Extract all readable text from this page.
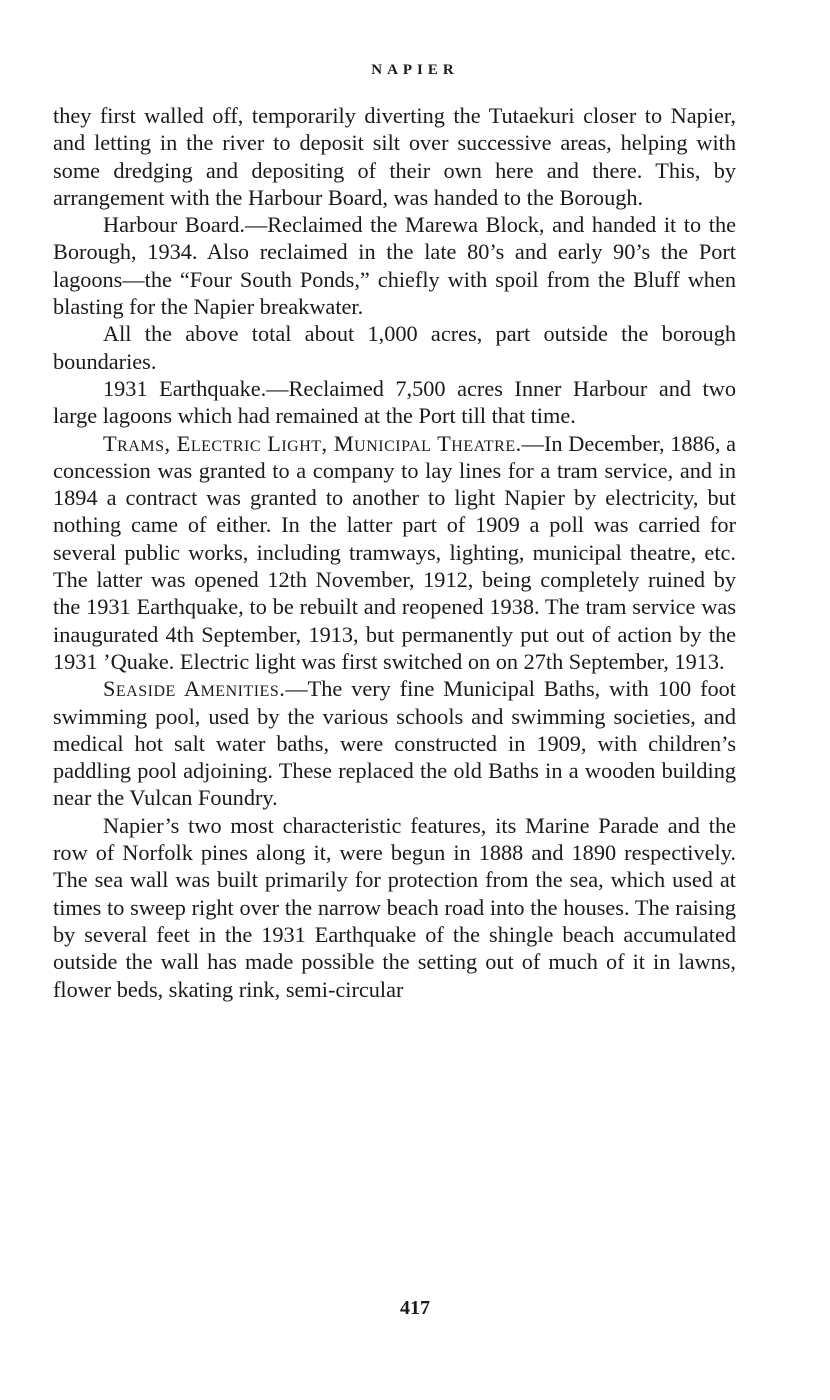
NAPIER

they first walled off, temporarily diverting the Tutaekuri closer to Napier, and letting in the river to deposit silt over successive areas, helping with some dredging and depositing of their own here and there. This, by arrangement with the Harbour Board, was handed to the Borough.

Harbour Board.—Reclaimed the Marewa Block, and handed it to the Borough, 1934. Also reclaimed in the late 80’s and early 90’s the Port lagoons—the “Four South Ponds,” chiefly with spoil from the Bluff when blasting for the Napier breakwater.

All the above total about 1,000 acres, part outside the borough boundaries.

1931 Earthquake.—Reclaimed 7,500 acres Inner Harbour and two large lagoons which had remained at the Port till that time.

Trams, Electric Light, Municipal Theatre.—In December, 1886, a concession was granted to a company to lay lines for a tram service, and in 1894 a contract was granted to another to light Napier by electricity, but nothing came of either. In the latter part of 1909 a poll was carried for several public works, including tramways, lighting, municipal theatre, etc. The latter was opened 12th November, 1912, being completely ruined by the 1931 Earthquake, to be rebuilt and reopened 1938. The tram service was inaugurated 4th September, 1913, but permanently put out of action by the 1931 ’Quake. Electric light was first switched on on 27th September, 1913.

Seaside Amenities.—The very fine Municipal Baths, with 100 foot swimming pool, used by the various schools and swimming societies, and medical hot salt water baths, were constructed in 1909, with children’s paddling pool adjoining. These replaced the old Baths in a wooden building near the Vulcan Foundry.

Napier’s two most characteristic features, its Marine Parade and the row of Norfolk pines along it, were begun in 1888 and 1890 respectively. The sea wall was built primarily for protection from the sea, which used at times to sweep right over the narrow beach road into the houses. The raising by several feet in the 1931 Earthquake of the shingle beach accumulated outside the wall has made possible the setting out of much of it in lawns, flower beds, skating rink, semi-circular

417
